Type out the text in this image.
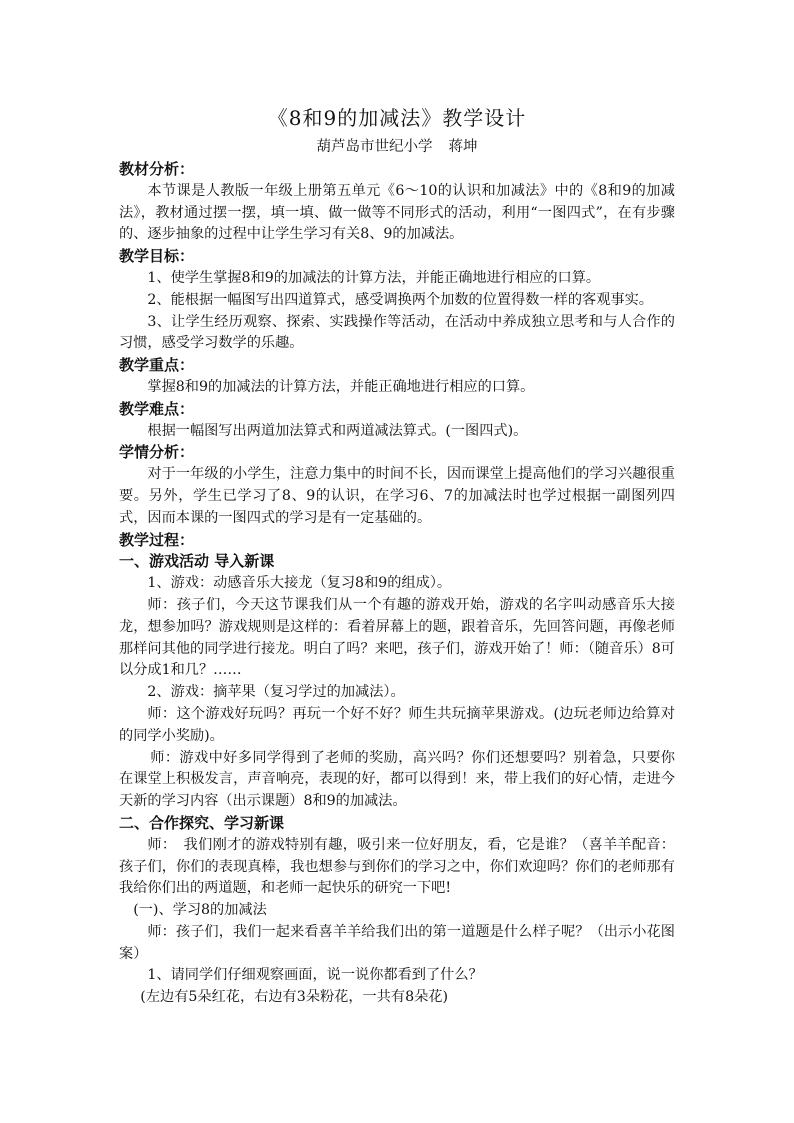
《8和9的加减法》教学设计
葫芦岛市世纪小学 蒋坤
教材分析：
本节课是人教版一年级上册第五单元《6～10的认识和加减法》中的《8和9的加减法》，教材通过摆一摆，填一填、做一做等不同形式的活动，利用“一图四式”，在有步骤的、逐步抽象的过程中让学生学习有关8、9的加减法。
教学目标：
1、使学生掌握8和9的加减法的计算方法，并能正确地进行相应的口算。
2、能根据一幅图写出四道算式，感受调换两个加数的位置得数一样的客观事实。
3、让学生经历观察、探索、实践操作等活动，在活动中养成独立思考和与人合作的习惯，感受学习数学的乐趣。
教学重点：
掌握8和9的加减法的计算方法，并能正确地进行相应的口算。
教学难点：
根据一幅图写出两道加法算式和两道减法算式。(一图四式)。
学情分析：
对于一年级的小学生，注意力集中的时间不长，因而课堂上提高他们的学习兴趣很重要。另外，学生已学习了8、9的认识，在学习6、7的加减法时也学过根据一副图列四式，因而本课的一图四式的学习是有一定基础的。
教学过程：
一、游戏活动 导入新课
1、游戏：动感音乐大接龙（复习8和9的组成）。
师：孩子们，今天这节课我们从一个有趣的游戏开始，游戏的名字叫动感音乐大接龙，想参加吗？游戏规则是这样的：看着屏幕上的题，跟着音乐，先回答问题，再像老师那样问其他的同学进行接龙。明白了吗？来吧，孩子们，游戏开始了！师：（随音乐）8可以分成1和几？……
2、游戏：摘苹果（复习学过的加减法）。
师：这个游戏好玩吗？再玩一个好不好？师生共玩摘苹果游戏。(边玩老师边给算对的同学小奖励)。
师：游戏中好多同学得到了老师的奖励，高兴吗？你们还想要吗？别着急，只要你在课堂上积极发言，声音响亮，表现的好，都可以得到！来，带上我们的好心情，走进今天新的学习内容（出示课题）8和9的加减法。
二、合作探究、学习新课
师：　我们刚才的游戏特别有趣，吸引来一位好朋友，看，它是谁？（喜羊羊配音：孩子们，你们的表现真棒，我也想参与到你们的学习之中，你们欢迎吗？你们的老师那有我给你们出的两道题，和老师一起快乐的研究一下吧!
(一)、学习8的加减法
师：孩子们，我们一起来看喜羊羊给我们出的第一道题是什么样子呢？（出示小花图案）
1、请同学们仔细观察画面，说一说你都看到了什么？
(左边有5朵红花，右边有3朵粉花，一共有8朵花)
